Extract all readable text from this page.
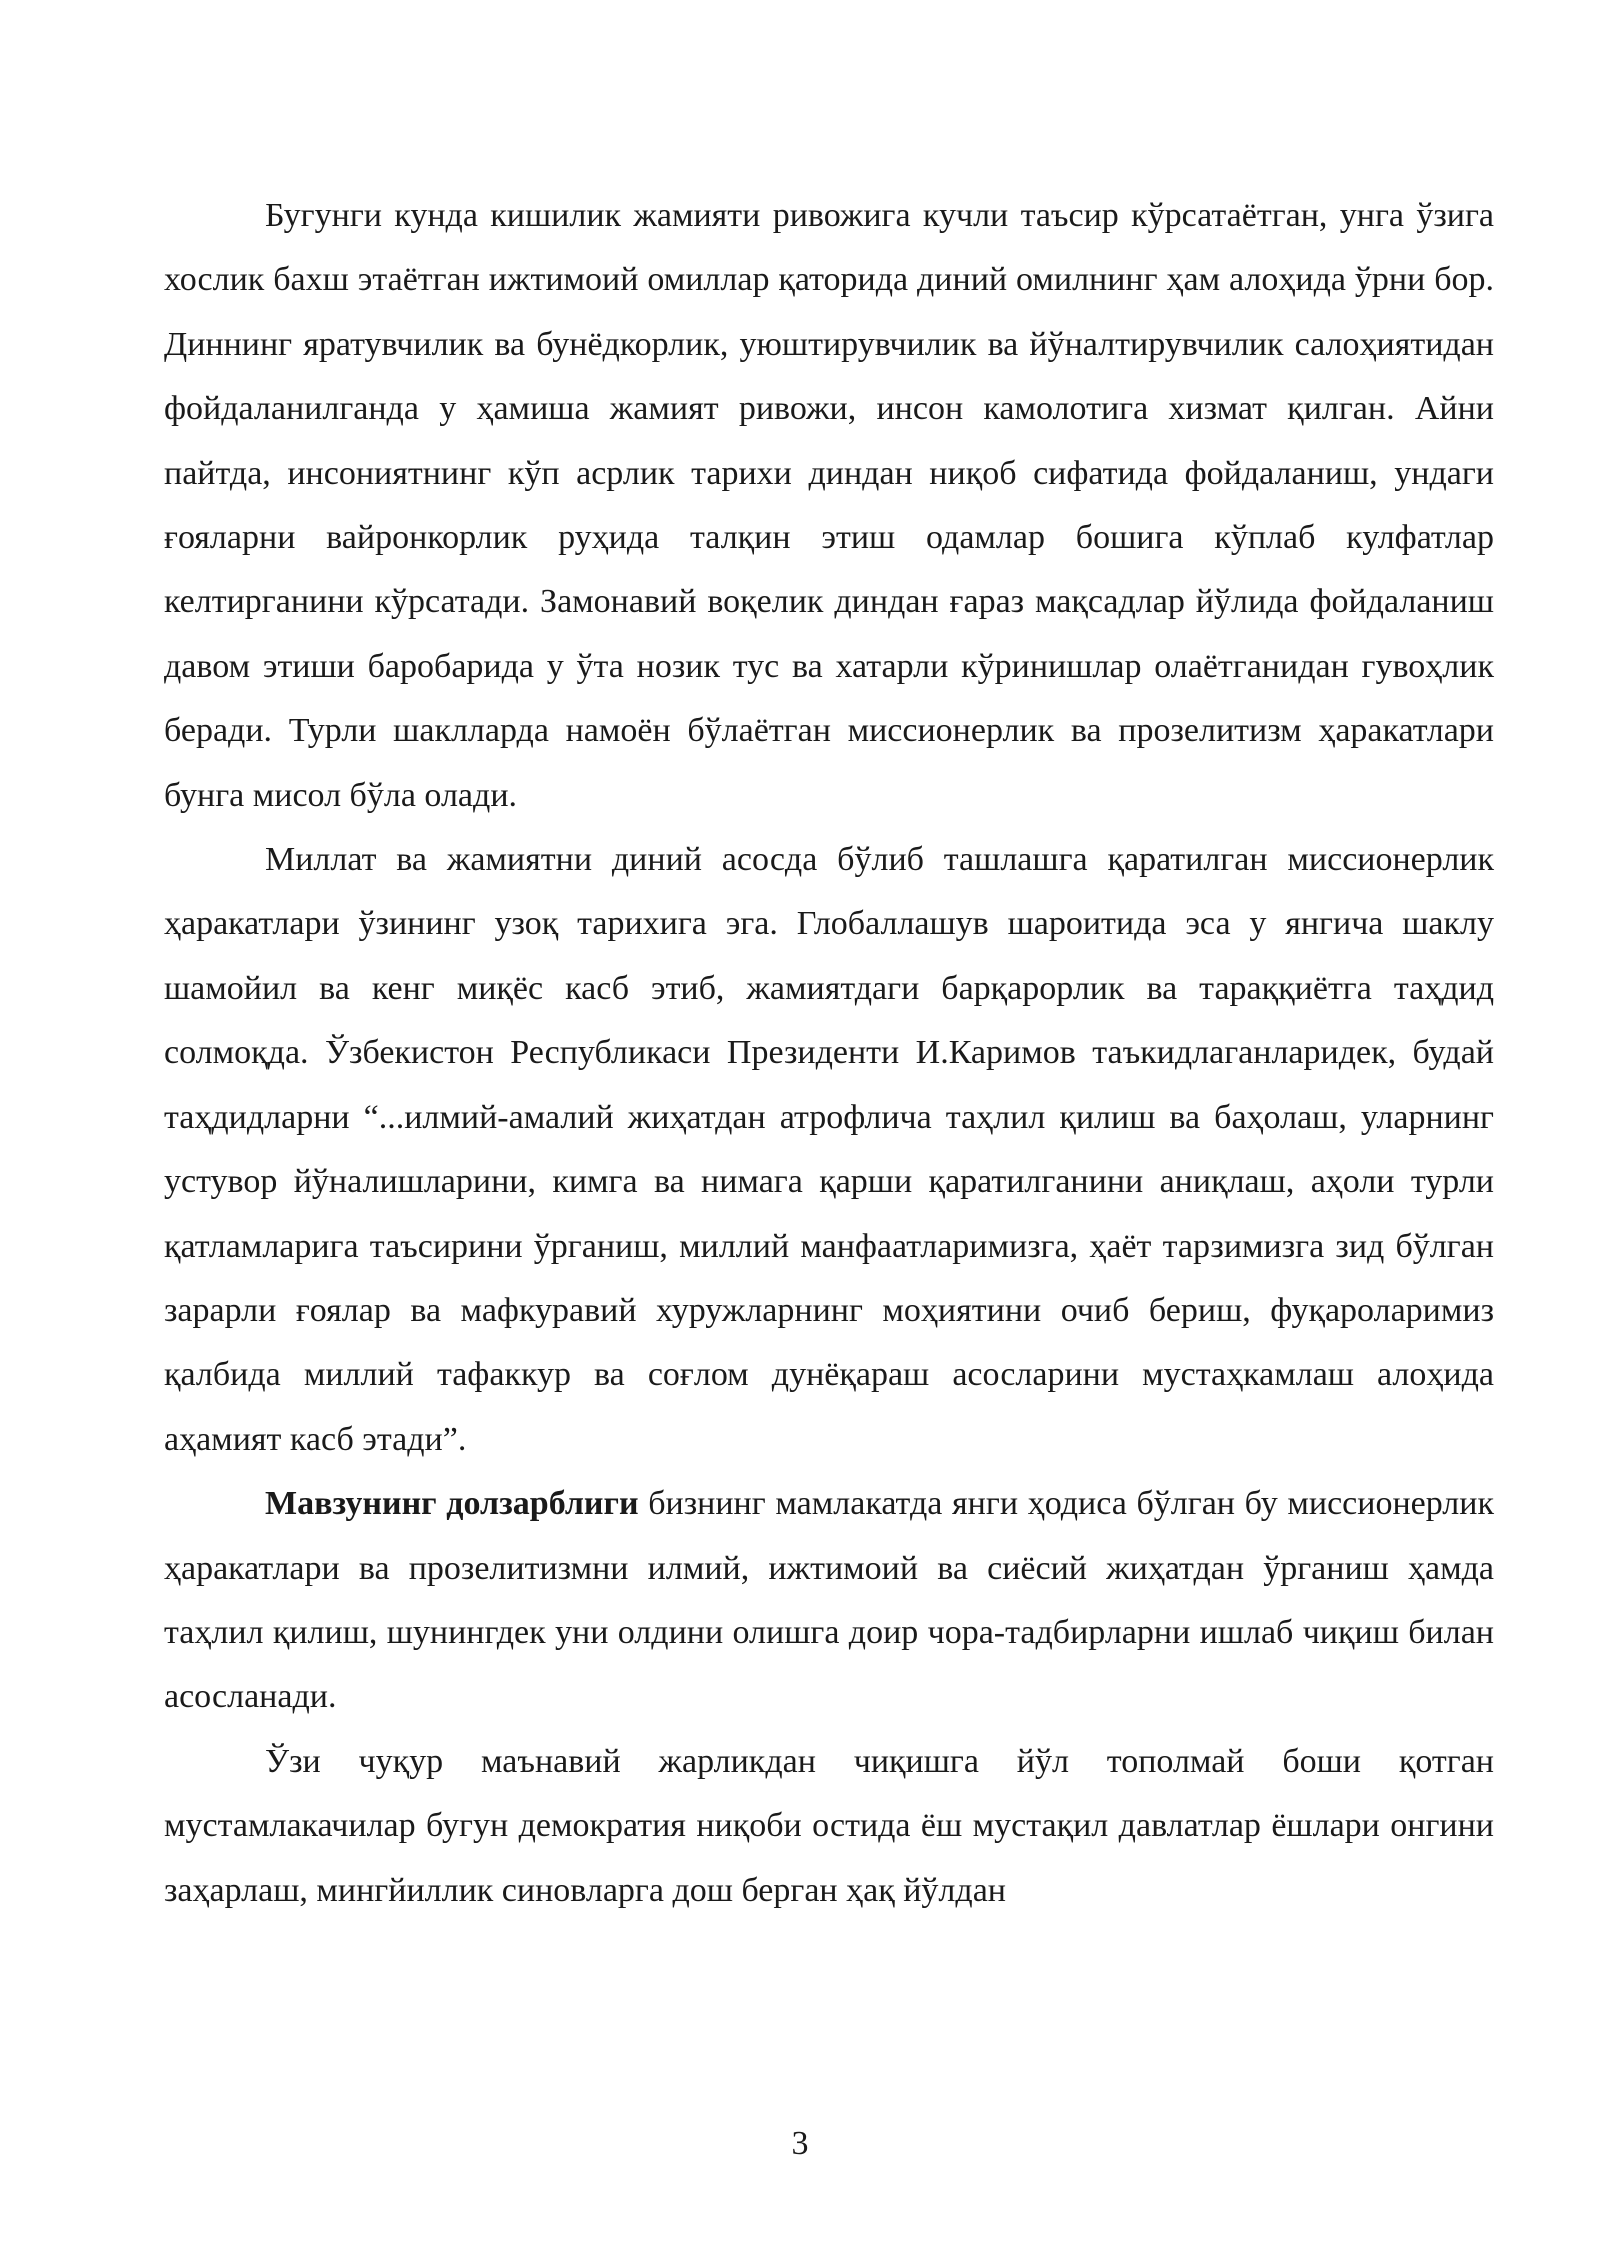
Бугунги кунда кишилик жамияти ривожига кучли таъсир кўрсатаётган, унга ўзига хослик бахш этаётган ижтимоий омиллар қаторида диний омилнинг ҳам алоҳида ўрни бор. Диннинг яратувчилик ва бунёдкорлик, уюштирувчилик ва йўналтирувчилик салоҳиятидан фойдаланилганда у ҳамиша жамият ривожи, инсон камолотига хизмат қилган. Айни пайтда, инсониятнинг кўп асрлик тарихи диндан ниқоб сифатида фойдаланиш, ундаги ғояларни вайронкорлик руҳида талқин этиш одамлар бошига кўплаб кулфатлар келтирганини кўрсатади. Замонавий воқелик диндан ғараз мақсадлар йўлида фойдаланиш давом этиши баробарида у ўта нозик тус ва хатарли кўринишлар олаётганидан гувоҳлик беради. Турли шаклларда намоён бўлаётган миссионерлик ва прозелитизм ҳаракатлари бунга мисол бўла олади.

Миллат ва жамиятни диний асосда бўлиб ташлашга қаратилган миссионерлик ҳаракатлари ўзининг узоқ тарихига эга. Глобаллашув шароитида эса у янгича шаклу шамойил ва кенг миқёс касб этиб, жамиятдаги барқарорлик ва тараққиётга таҳдид солмоқда. Ўзбекистон Республикаси Президенти И.Каримов таъкидлаганларидек, будай таҳдидларни “...илмий-амалий жиҳатдан атрофлича таҳлил қилиш ва баҳолаш, уларнинг устувор йўналишларини, кимга ва нимага қарши қаратилганини аниқлаш, аҳоли турли қатламларига таъсирини ўрганиш, миллий манфаатларимизга, ҳаёт тарзимизга зид бўлган зарарли ғоялар ва мафкуравий хуружларнинг моҳиятини очиб бериш, фуқароларимиз қалбида миллий тафаккур ва соғлом дунёқараш асосларини мустаҳкамлаш алоҳида аҳамият касб этади”.

Мавзунинг долзарблиги бизнинг мамлакатда янги ҳодиса бўлган бу миссионерлик ҳаракатлари ва прозелитизмни илмий, ижтимоий ва сиёсий жиҳатдан ўрганиш ҳамда таҳлил қилиш, шунингдек уни олдини олишга доир чора-тадбирларни ишлаб чиқиш билан асосланади.

Ўзи чуқур маънавий жарликдан чиқишга йўл тополмай боши қотган мустамлакачилар бугун демократия ниқоби остида ёш мустақил давлатлар ёшлари онгини заҳарлаш, мингйиллик синовларга дош берган ҳақ йўлдан

3
